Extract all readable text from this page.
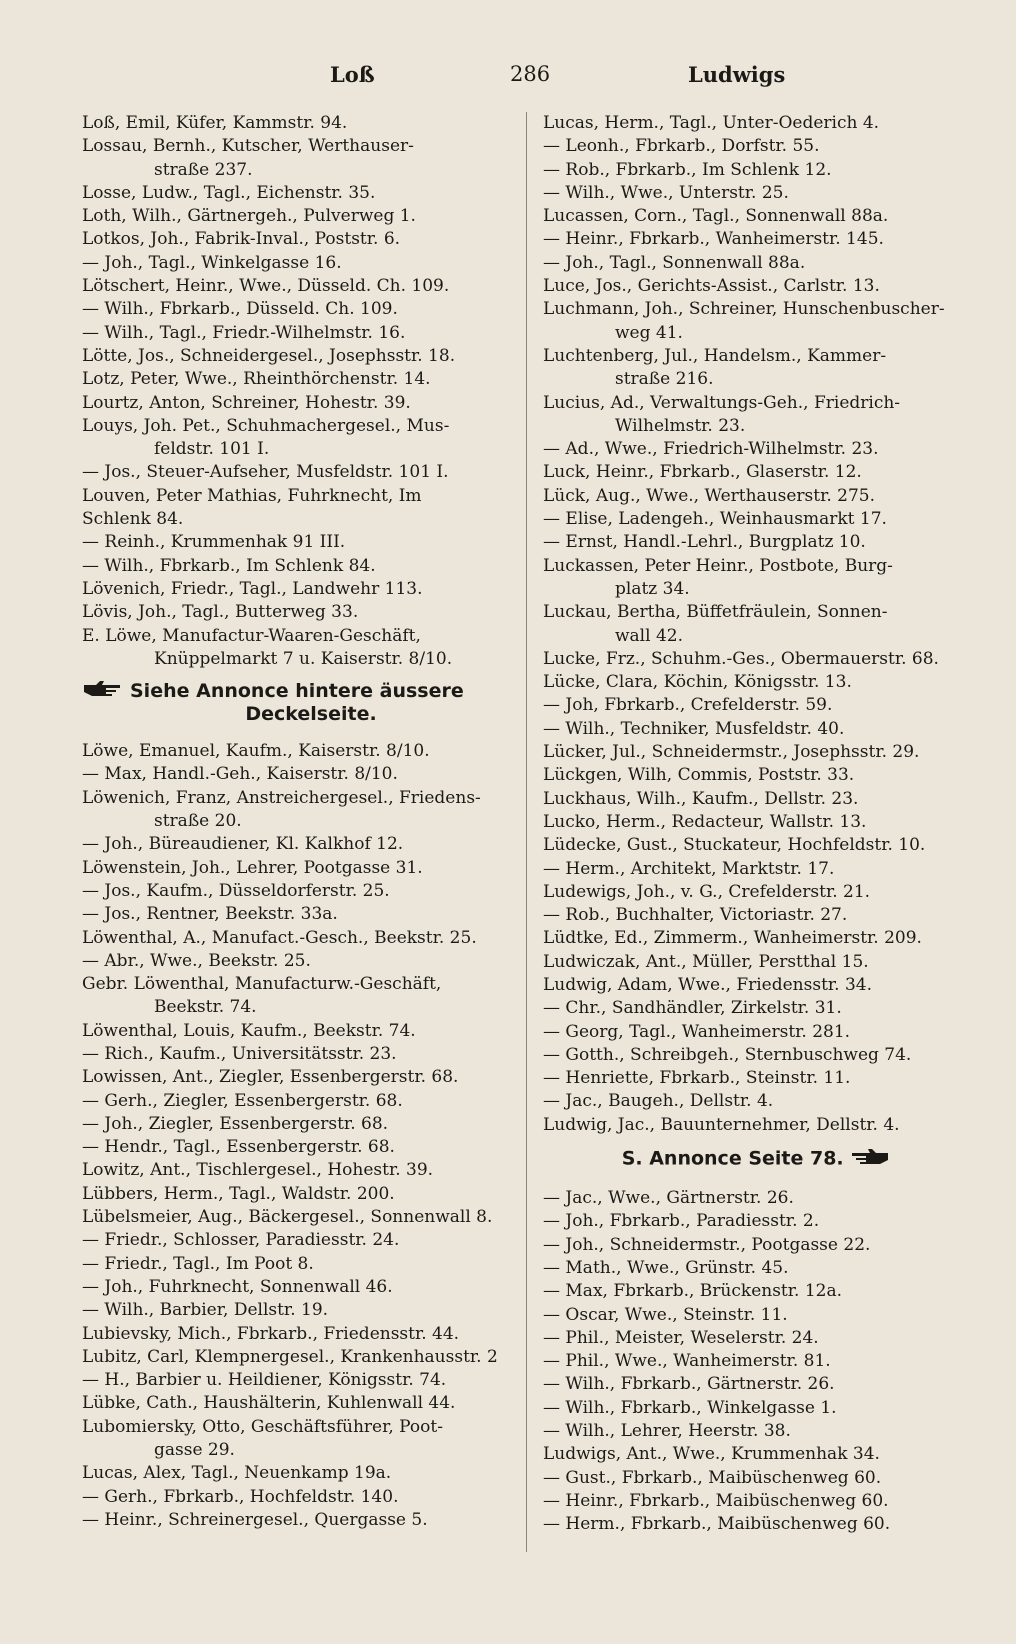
Loß	286	Ludwigs
Loß, Emil, Küfer, Kammstr. 94.
Lossau, Bernh., Kutscher, Werthauser-
straße 237.
Losse, Ludw., Tagl., Eichenstr. 35.
Loth, Wilh., Gärtnergeh., Pulverweg 1.
Lotkos, Joh., Fabrik-Inval., Poststr. 6.
— Joh., Tagl., Winkelgasse 16.
Lötschert, Heinr., Wwe., Düsseld. Ch. 109.
— Wilh., Fbrkarb., Düsseld. Ch. 109.
— Wilh., Tagl., Friedr.-Wilhelmstr. 16.
Lötte, Jos., Schneidergesel., Josephsstr. 18.
Lotz, Peter, Wwe., Rheinthörchenstr. 14.
Lourtz, Anton, Schreiner, Hohestr. 39.
Louys, Joh. Pet., Schuhmachergesel., Mus-
feldstr. 101 I.
— Jos., Steuer-Aufseher, Musfeldstr. 101 I.
Louven, Peter Mathias, Fuhrknecht, Im
Schlenk 84.
— Reinh., Krummenhak 91 III.
— Wilh., Fbrkarb., Im Schlenk 84.
Lövenich, Friedr., Tagl., Landwehr 113.
Lövis, Joh., Tagl., Butterweg 33.
E. Löwe, Manufactur-Waaren-Geschäft,
Knüppelmarkt 7 u. Kaiserstr. 8/10.
Siehe Annonce hintere äussere
Deckelseite.
Löwe, Emanuel, Kaufm., Kaiserstr. 8/10.
— Max, Handl.-Geh., Kaiserstr. 8/10.
Löwenich, Franz, Anstreichergesel., Friedens-
straße 20.
— Joh., Büreaudiener, Kl. Kalkhof 12.
Löwenstein, Joh., Lehrer, Pootgasse 31.
— Jos., Kaufm., Düsseldorferstr. 25.
— Jos., Rentner, Beekstr. 33a.
Löwenthal, A., Manufact.-Gesch., Beekstr. 25.
— Abr., Wwe., Beekstr. 25.
Gebr. Löwenthal, Manufacturw.-Geschäft,
Beekstr. 74.
Löwenthal, Louis, Kaufm., Beekstr. 74.
— Rich., Kaufm., Universitätsstr. 23.
Lowissen, Ant., Ziegler, Essenbergerstr. 68.
— Gerh., Ziegler, Essenbergerstr. 68.
— Joh., Ziegler, Essenbergerstr. 68.
— Hendr., Tagl., Essenbergerstr. 68.
Lowitz, Ant., Tischlergesel., Hohestr. 39.
Lübbers, Herm., Tagl., Waldstr. 200.
Lübelsmeier, Aug., Bäckergesel., Sonnenwall 8.
— Friedr., Schlosser, Paradiesstr. 24.
— Friedr., Tagl., Im Poot 8.
— Joh., Fuhrknecht, Sonnenwall 46.
— Wilh., Barbier, Dellstr. 19.
Lubievsky, Mich., Fbrkarb., Friedensstr. 44.
Lubitz, Carl, Klempnergesel., Krankenhausstr. 2
— H., Barbier u. Heildiener, Königsstr. 74.
Lübke, Cath., Haushälterin, Kuhlenwall 44.
Lubomiersky, Otto, Geschäftsführer, Poot-
gasse 29.
Lucas, Alex, Tagl., Neuenkamp 19a.
— Gerh., Fbrkarb., Hochfeldstr. 140.
— Heinr., Schreinergesel., Quergasse 5.
Lucas, Herm., Tagl., Unter-Oederich 4.
— Leonh., Fbrkarb., Dorfstr. 55.
— Rob., Fbrkarb., Im Schlenk 12.
— Wilh., Wwe., Unterstr. 25.
Lucassen, Corn., Tagl., Sonnenwall 88a.
— Heinr., Fbrkarb., Wanheimerstr. 145.
— Joh., Tagl., Sonnenwall 88a.
Luce, Jos., Gerichts-Assist., Carlstr. 13.
Luchmann, Joh., Schreiner, Hunschenbuscher-
weg 41.
Luchtenberg, Jul., Handelsm., Kammer-
straße 216.
Lucius, Ad., Verwaltungs-Geh., Friedrich-
Wilhelmstr. 23.
— Ad., Wwe., Friedrich-Wilhelmstr. 23.
Luck, Heinr., Fbrkarb., Glaserstr. 12.
Lück, Aug., Wwe., Werthauserstr. 275.
— Elise, Ladengeh., Weinhausmarkt 17.
— Ernst, Handl.-Lehrl., Burgplatz 10.
Luckassen, Peter Heinr., Postbote, Burg-
platz 34.
Luckau, Bertha, Büffetfräulein, Sonnen-
wall 42.
Lucke, Frz., Schuhm.-Ges., Obermauerstr. 68.
Lücke, Clara, Köchin, Königsstr. 13.
— Joh, Fbrkarb., Crefelderstr. 59.
— Wilh., Techniker, Musfeldstr. 40.
Lücker, Jul., Schneidermstr., Josephsstr. 29.
Lückgen, Wilh, Commis, Poststr. 33.
Luckhaus, Wilh., Kaufm., Dellstr. 23.
Lucko, Herm., Redacteur, Wallstr. 13.
Lüdecke, Gust., Stuckateur, Hochfeldstr. 10.
— Herm., Architekt, Marktstr. 17.
Ludewigs, Joh., v. G., Crefelderstr. 21.
— Rob., Buchhalter, Victoriastr. 27.
Lüdtke, Ed., Zimmerm., Wanheimerstr. 209.
Ludwiczak, Ant., Müller, Perstthal 15.
Ludwig, Adam, Wwe., Friedensstr. 34.
— Chr., Sandhändler, Zirkelstr. 31.
— Georg, Tagl., Wanheimerstr. 281.
— Gotth., Schreibgeh., Sternbuschweg 74.
— Henriette, Fbrkarb., Steinstr. 11.
— Jac., Baugeh., Dellstr. 4.
Ludwig, Jac., Bauunternehmer, Dellstr. 4.
S. Annonce Seite 78.
— Jac., Wwe., Gärtnerstr. 26.
— Joh., Fbrkarb., Paradiesstr. 2.
— Joh., Schneidermstr., Pootgasse 22.
— Math., Wwe., Grünstr. 45.
— Max, Fbrkarb., Brückenstr. 12a.
— Oscar, Wwe., Steinstr. 11.
— Phil., Meister, Weselerstr. 24.
— Phil., Wwe., Wanheimerstr. 81.
— Wilh., Fbrkarb., Gärtnerstr. 26.
— Wilh., Fbrkarb., Winkelgasse 1.
— Wilh., Lehrer, Heerstr. 38.
Ludwigs, Ant., Wwe., Krummenhak 34.
— Gust., Fbrkarb., Maibüschenweg 60.
— Heinr., Fbrkarb., Maibüschenweg 60.
— Herm., Fbrkarb., Maibüschenweg 60.
